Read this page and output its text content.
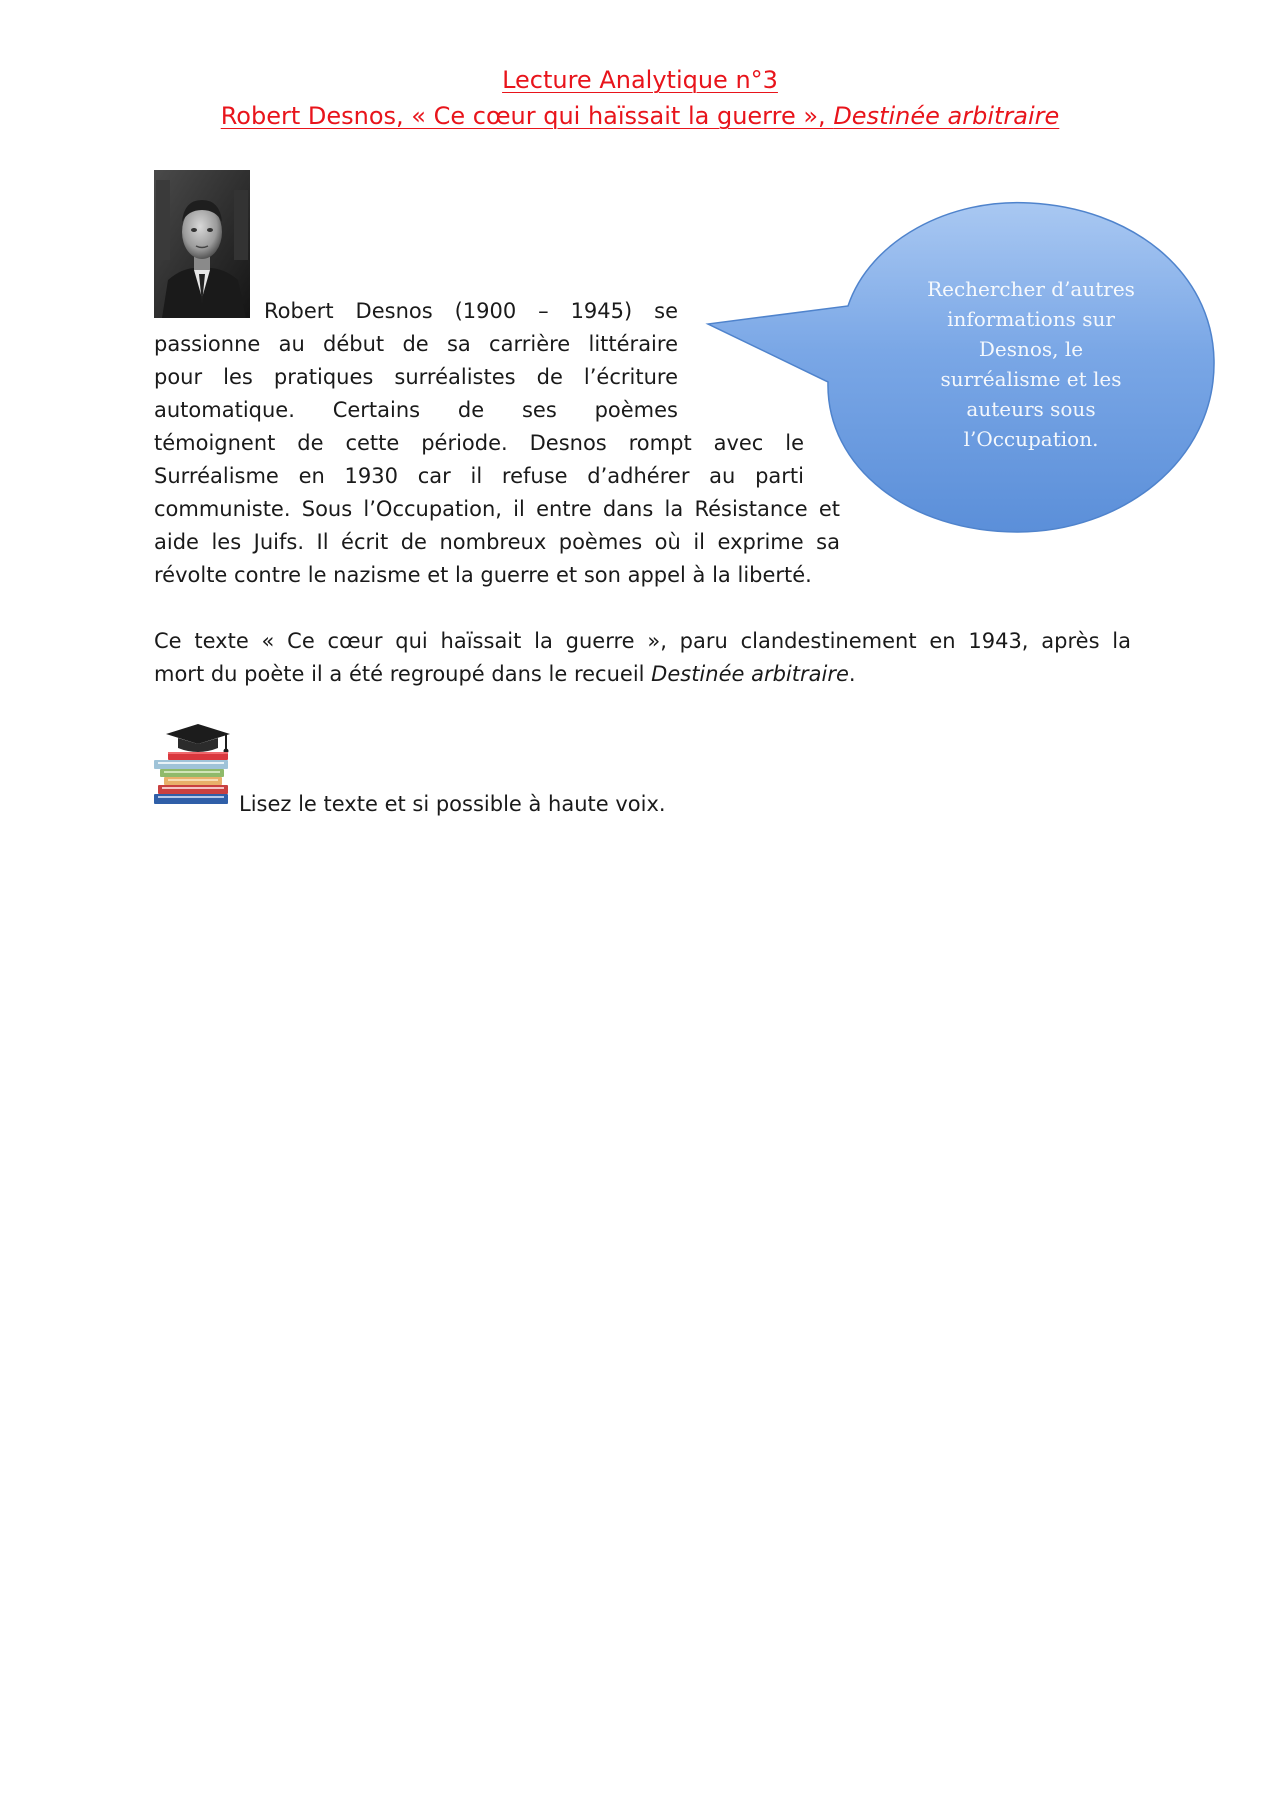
Lecture Analytique n°3
Robert Desnos, « Ce cœur qui haïssait la guerre », Destinée arbitraire
Robert Desnos (1900 – 1945) se
passionne au début de sa carrière littéraire
pour les pratiques surréalistes de l’écriture
automatique. Certains de ses poèmes
témoignent de cette période. Desnos rompt avec le
Surréalisme en 1930 car il refuse d’adhérer au parti
communiste. Sous l’Occupation, il entre dans la Résistance et
aide les Juifs. Il écrit de nombreux poèmes où il exprime sa
révolte contre le nazisme et la guerre et son appel à la liberté.
Rechercher d’autres
informations sur
Desnos, le
surréalisme et les
auteurs sous
l’Occupation.
Ce texte « Ce cœur qui haïssait la guerre », paru clandestinement en 1943, après la
mort du poète il a été regroupé dans le recueil Destinée arbitraire.
Lisez le texte et si possible à haute voix.
